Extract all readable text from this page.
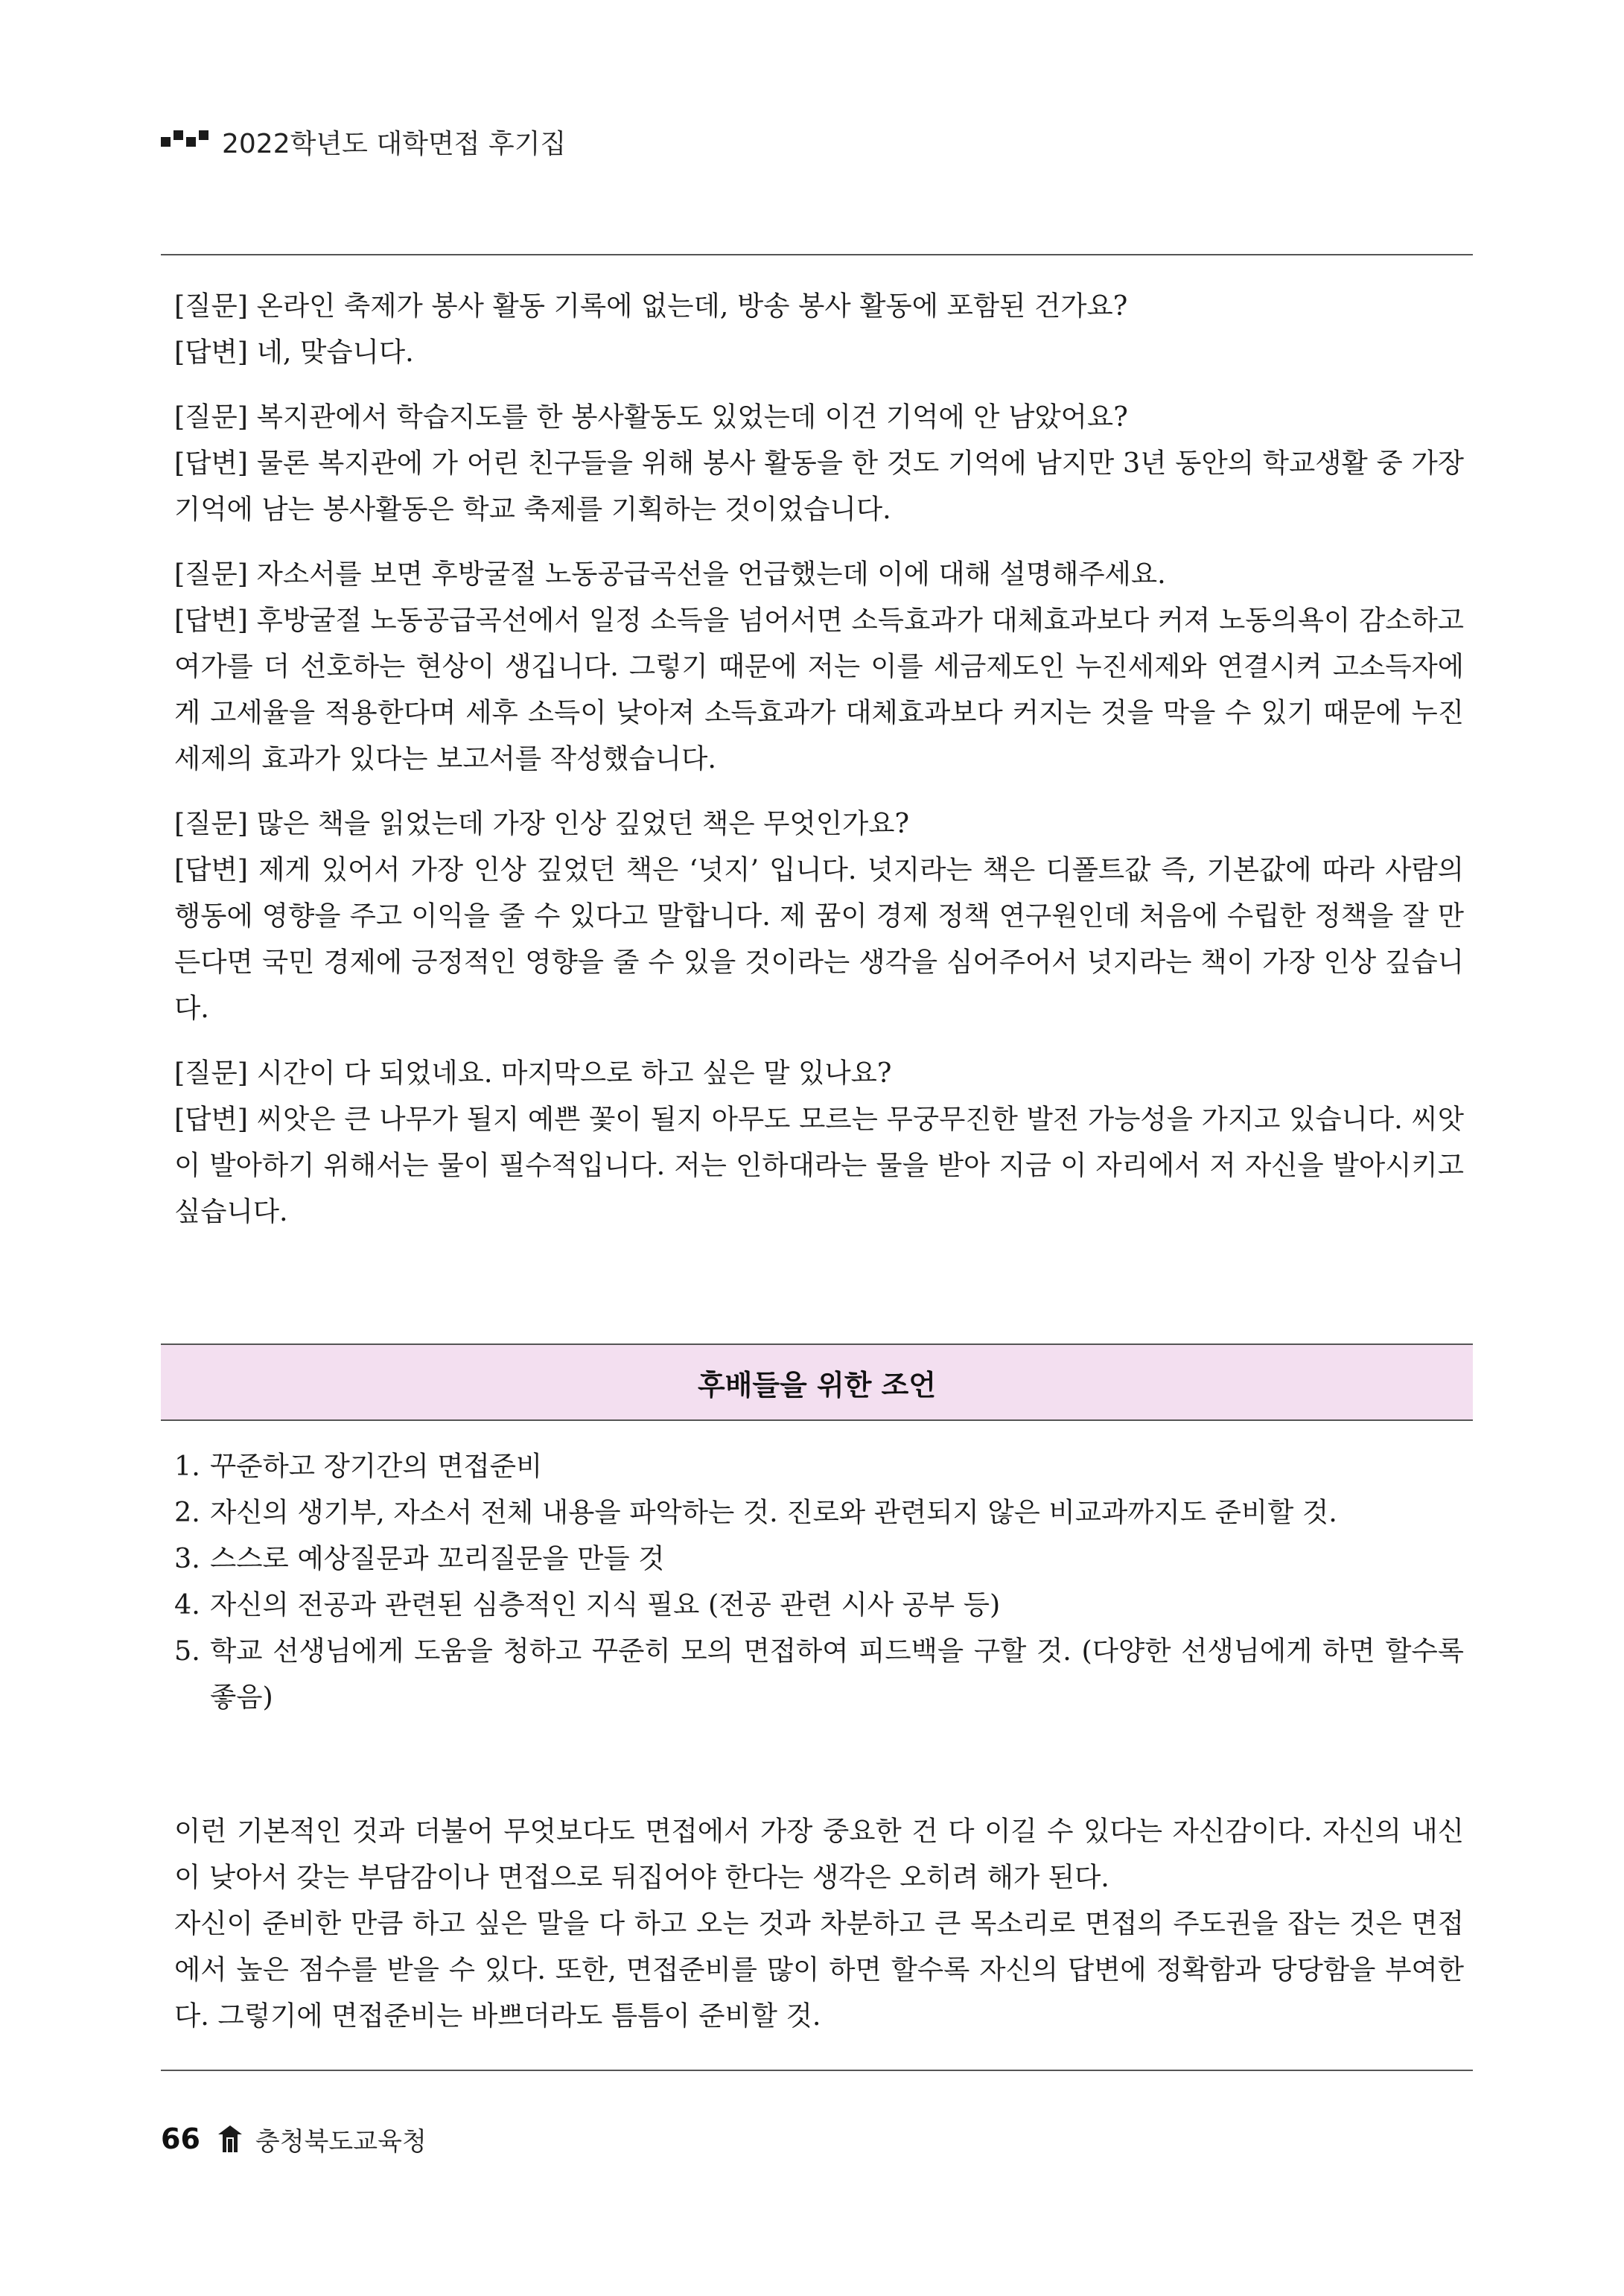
2022학년도 대학면접 후기집

[질문] 온라인 축제가 봉사 활동 기록에 없는데, 방송 봉사 활동에 포함된 건가요?

[답변] 네, 맞습니다.

[질문] 복지관에서 학습지도를 한 봉사활동도 있었는데 이건 기억에 안 남았어요?

[답변] 물론 복지관에 가 어린 친구들을 위해 봉사 활동을 한 것도 기억에 남지만 3년 동안의 학교생활 중 가장 기억에 남는 봉사활동은 학교 축제를 기획하는 것이었습니다.

[질문] 자소서를 보면 후방굴절 노동공급곡선을 언급했는데 이에 대해 설명해주세요.

[답변] 후방굴절 노동공급곡선에서 일정 소득을 넘어서면 소득효과가 대체효과보다 커져 노동의욕이 감소하고 여가를 더 선호하는 현상이 생깁니다. 그렇기 때문에 저는 이를 세금제도인 누진세제와 연결시켜 고소득자에게 고세율을 적용한다며 세후 소득이 낮아져 소득효과가 대체효과보다 커지는 것을 막을 수 있기 때문에 누진세제의 효과가 있다는 보고서를 작성했습니다.

[질문] 많은 책을 읽었는데 가장 인상 깊었던 책은 무엇인가요?

[답변] 제게 있어서 가장 인상 깊었던 책은 ‘넛지’ 입니다. 넛지라는 책은 디폴트값 즉, 기본값에 따라 사람의 행동에 영향을 주고 이익을 줄 수 있다고 말합니다. 제 꿈이 경제 정책 연구원인데 처음에 수립한 정책을 잘 만든다면 국민 경제에 긍정적인 영향을 줄 수 있을 것이라는 생각을 심어주어서 넛지라는 책이 가장 인상 깊습니다.

[질문] 시간이 다 되었네요. 마지막으로 하고 싶은 말 있나요?

[답변] 씨앗은 큰 나무가 될지 예쁜 꽃이 될지 아무도 모르는 무궁무진한 발전 가능성을 가지고 있습니다. 씨앗이 발아하기 위해서는 물이 필수적입니다. 저는 인하대라는 물을 받아 지금 이 자리에서 저 자신을 발아시키고 싶습니다.

후배들을 위한 조언
1. 꾸준하고 장기간의 면접준비
2. 자신의 생기부, 자소서 전체 내용을 파악하는 것. 진로와 관련되지 않은 비교과까지도 준비할 것.
3. 스스로 예상질문과 꼬리질문을 만들 것
4. 자신의 전공과 관련된 심층적인 지식 필요 (전공 관련 시사 공부 등)
5. 학교 선생님에게 도움을 청하고 꾸준히 모의 면접하여 피드백을 구할 것. (다양한 선생님에게 하면 할수록 좋음)

이런 기본적인 것과 더불어 무엇보다도 면접에서 가장 중요한 건 다 이길 수 있다는 자신감이다. 자신의 내신이 낮아서 갖는 부담감이나 면접으로 뒤집어야 한다는 생각은 오히려 해가 된다.

자신이 준비한 만큼 하고 싶은 말을 다 하고 오는 것과 차분하고 큰 목소리로 면접의 주도권을 잡는 것은 면접에서 높은 점수를 받을 수 있다. 또한, 면접준비를 많이 하면 할수록 자신의 답변에 정확함과 당당함을 부여한다. 그렇기에 면접준비는 바쁘더라도 틈틈이 준비할 것.

66 충청북도교육청
